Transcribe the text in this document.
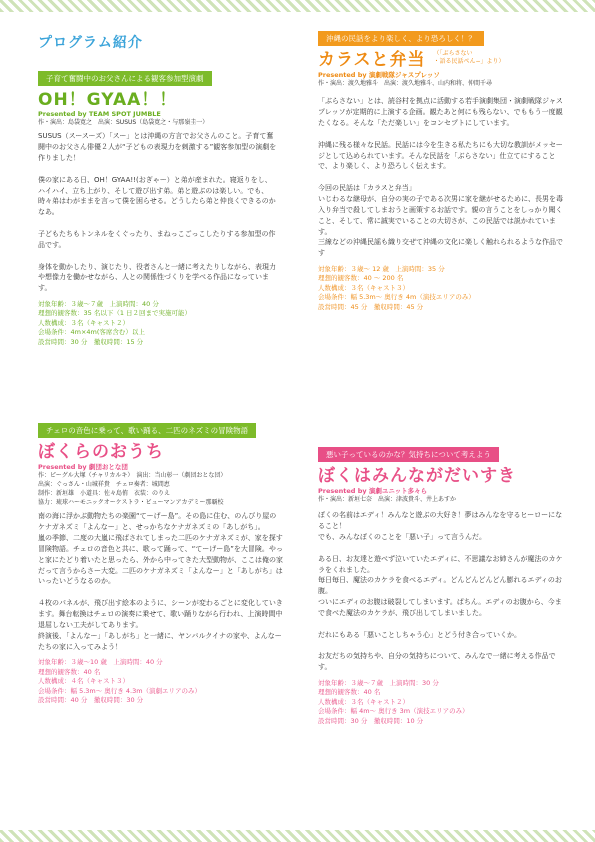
プログラム紹介
子育て奮闘中のお父さんによる観客参加型演劇
OH！GYAA！！
Presented by TEAM SPOT JUMBLE
作・演出：島袋寛之　出演：SUSUS（島袋寛之・与那嶺圭一）
SUSUS（スースーズ）「スー」とは沖縄の方言でお父さんのこと。子育て奮闘中のお父さん俳優２人が“子どもの表現力を刺激する”観客参加型の演劇を作りました！

僕の家にある日、OH！GYAA!!(おぎゃー）と弟が産まれた。寝返りをし、ハイハイ、立ち上がり、そして遊び出す弟。弟と遊ぶのは楽しい。でも、時々弟はわがままを言って僕を困らせる。どうしたら弟と仲良くできるのかなあ。

子どもたちもトンネルをくぐったり、まねっこごっこしたりする参加型の作品です。

身体を動かしたり、演じたり、役者さんと一緒に考えたりしながら、表現力や想像力を働かせながら、人との関係性づくりを学べる作品になっています。
対象年齢：３歳〜７歳　上演時間：40 分
理想的観客数：35 名以下（1 日２回まで実施可能）
人数構成：３名（キャスト２）
会場条件：4m×4m(客席含む）以上
設営時間：30 分　撤収時間：15 分
チェロの音色に乗って、歌い踊る、二匹のネズミの冒険物語
ぼくらのおうち
Presented by 劇団おとな団
作：ピーグル大塚（チャリカルキ）　演出：当山彰一（劇団おとな団）
出演：ぐっさん・山城祥貴　チェロ奏者：城間恵
制作：新垣雄　小道具：佐々島侑　衣装：のりえ
協力：琉球ハーモニックオーケストラ・ビューマンアカデミー那覇校
南の海に浮かぶ動物たちの楽園“てーげー島”。その島に住む、のんびり屋のケナガネズミ「よんなー」と、せっかちなケナガネズミの「あしがち」。
嵐の季節、二度の大嵐に飛ばされてしまった二匹のケナガネズミが、家を探す冒険物語。チェロの音色と共に、歌って踊って、“てーげー島”を大冒険。やっと家にたどり着いたと思ったら、外から中ってきた大型動物が、ここは俺の家だって言うからさー大変。二匹のケナガネズミ「よんなー」と「あしがち」はいったいどうなるのか。

４枚のパネルが、飛び出す絵本のように、シーンが変わるごとに変化していきます。舞台転換はチェロの演奏に乗せて、歌い踊りながら行われ、上演時間中退屈しない工夫がしてあります。
終演後、「よんなー」「あしがち」と一緒に、ヤンバルクイナの家や、よんなーたちの家に入ってみよう！
対象年齢：３歳〜10 歳　上演時間：40 分
理想的観客数：40 名
人数構成：４名（キャスト３）
会場条件：幅 5.3m〜 奥行き 4.3m（演劇エリアのみ）
設営時間：40 分　撤収時間：30 分
沖縄の民話をより楽しく、より恐ろしく！？
カラスと弁当 （「ぶらさない
・語る民話ぺん−」より）
Presented by 演劇戦隊ジャスプレッソ
作・演出：渡久地雅斗　出演：渡久地雅斗、山内和将、仲間千尋
「ぶらさない」とは、読谷村を拠点に活動する若手演劇集団・演劇戦隊ジャスプレッソが定期的に上演する企画。観たあと何にも残らない、でももう一度観たくなる。そんな「ただ楽しい」をコンセプトにしています。

沖縄に残る様々な民話。民話には今を生きる私たちにも大切な教訓がメッセージとして込められています。そんな民話を「ぶらさない」仕立てにすることで、より楽しく、より恐ろしく伝えます。

今回の民話は「カラスと弁当」
いじわるな継母が、自分の実の子である次男に家を継がせるために、長男を毒入り弁当で殺してしまおうと画策するお話です。親の言うことをしっかり聞くこと、そして、常に誠実でいることの大切さが、この民話では説かれています。
三線などの沖縄民謡も織り交ぜて沖縄の文化に楽しく触れられるような作品です
対象年齢：３歳〜 12 歳　上演時間：35 分
理想的観客数：40 〜 200 名
人数構成：３名（キャスト３）
会場条件：幅 5.3m〜 奥行き 4m（演技エリアのみ）
設営時間：45 分　撤収時間：45 分
悪い子っているのかな？気持ちについて考えよう
ぼくはみんながだいすき
Presented by 演劇ユニット多々ら
作・演出：新垣七奈　出演：津波貴斗、井上あすか
ぼくの名前はエディ！みんなと遊ぶの大好き！夢はみんなを守るヒーローになること！
でも、みんなぼくのことを「悪い子」って言うんだ。

ある日、お友達と遊べず泣いていたエディに、不思議なお姉さんが魔法のカケラをくれました。
毎日毎日、魔法のカケラを食べるエディ。どんどんどんどん膨れるエディのお腹。
ついにエディのお腹は破裂してしまいます。ぱちん。エディのお腹から、今まで食べた魔法のカケラが、飛び出してしまいました。

だれにもある「悪いことしちゃう心」とどう付き合っていくか。

お友だちの気持ちや、自分の気持ちについて、みんなで一緒に考える作品です。
対象年齢：３歳〜７歳　上演時間：30 分
理想的観客数：40 名
人数構成：３名（キャスト２）
会場条件：幅 4m〜 奥行き 3m（演技エリアのみ）
設営時間：30 分　撤収時間：10 分
